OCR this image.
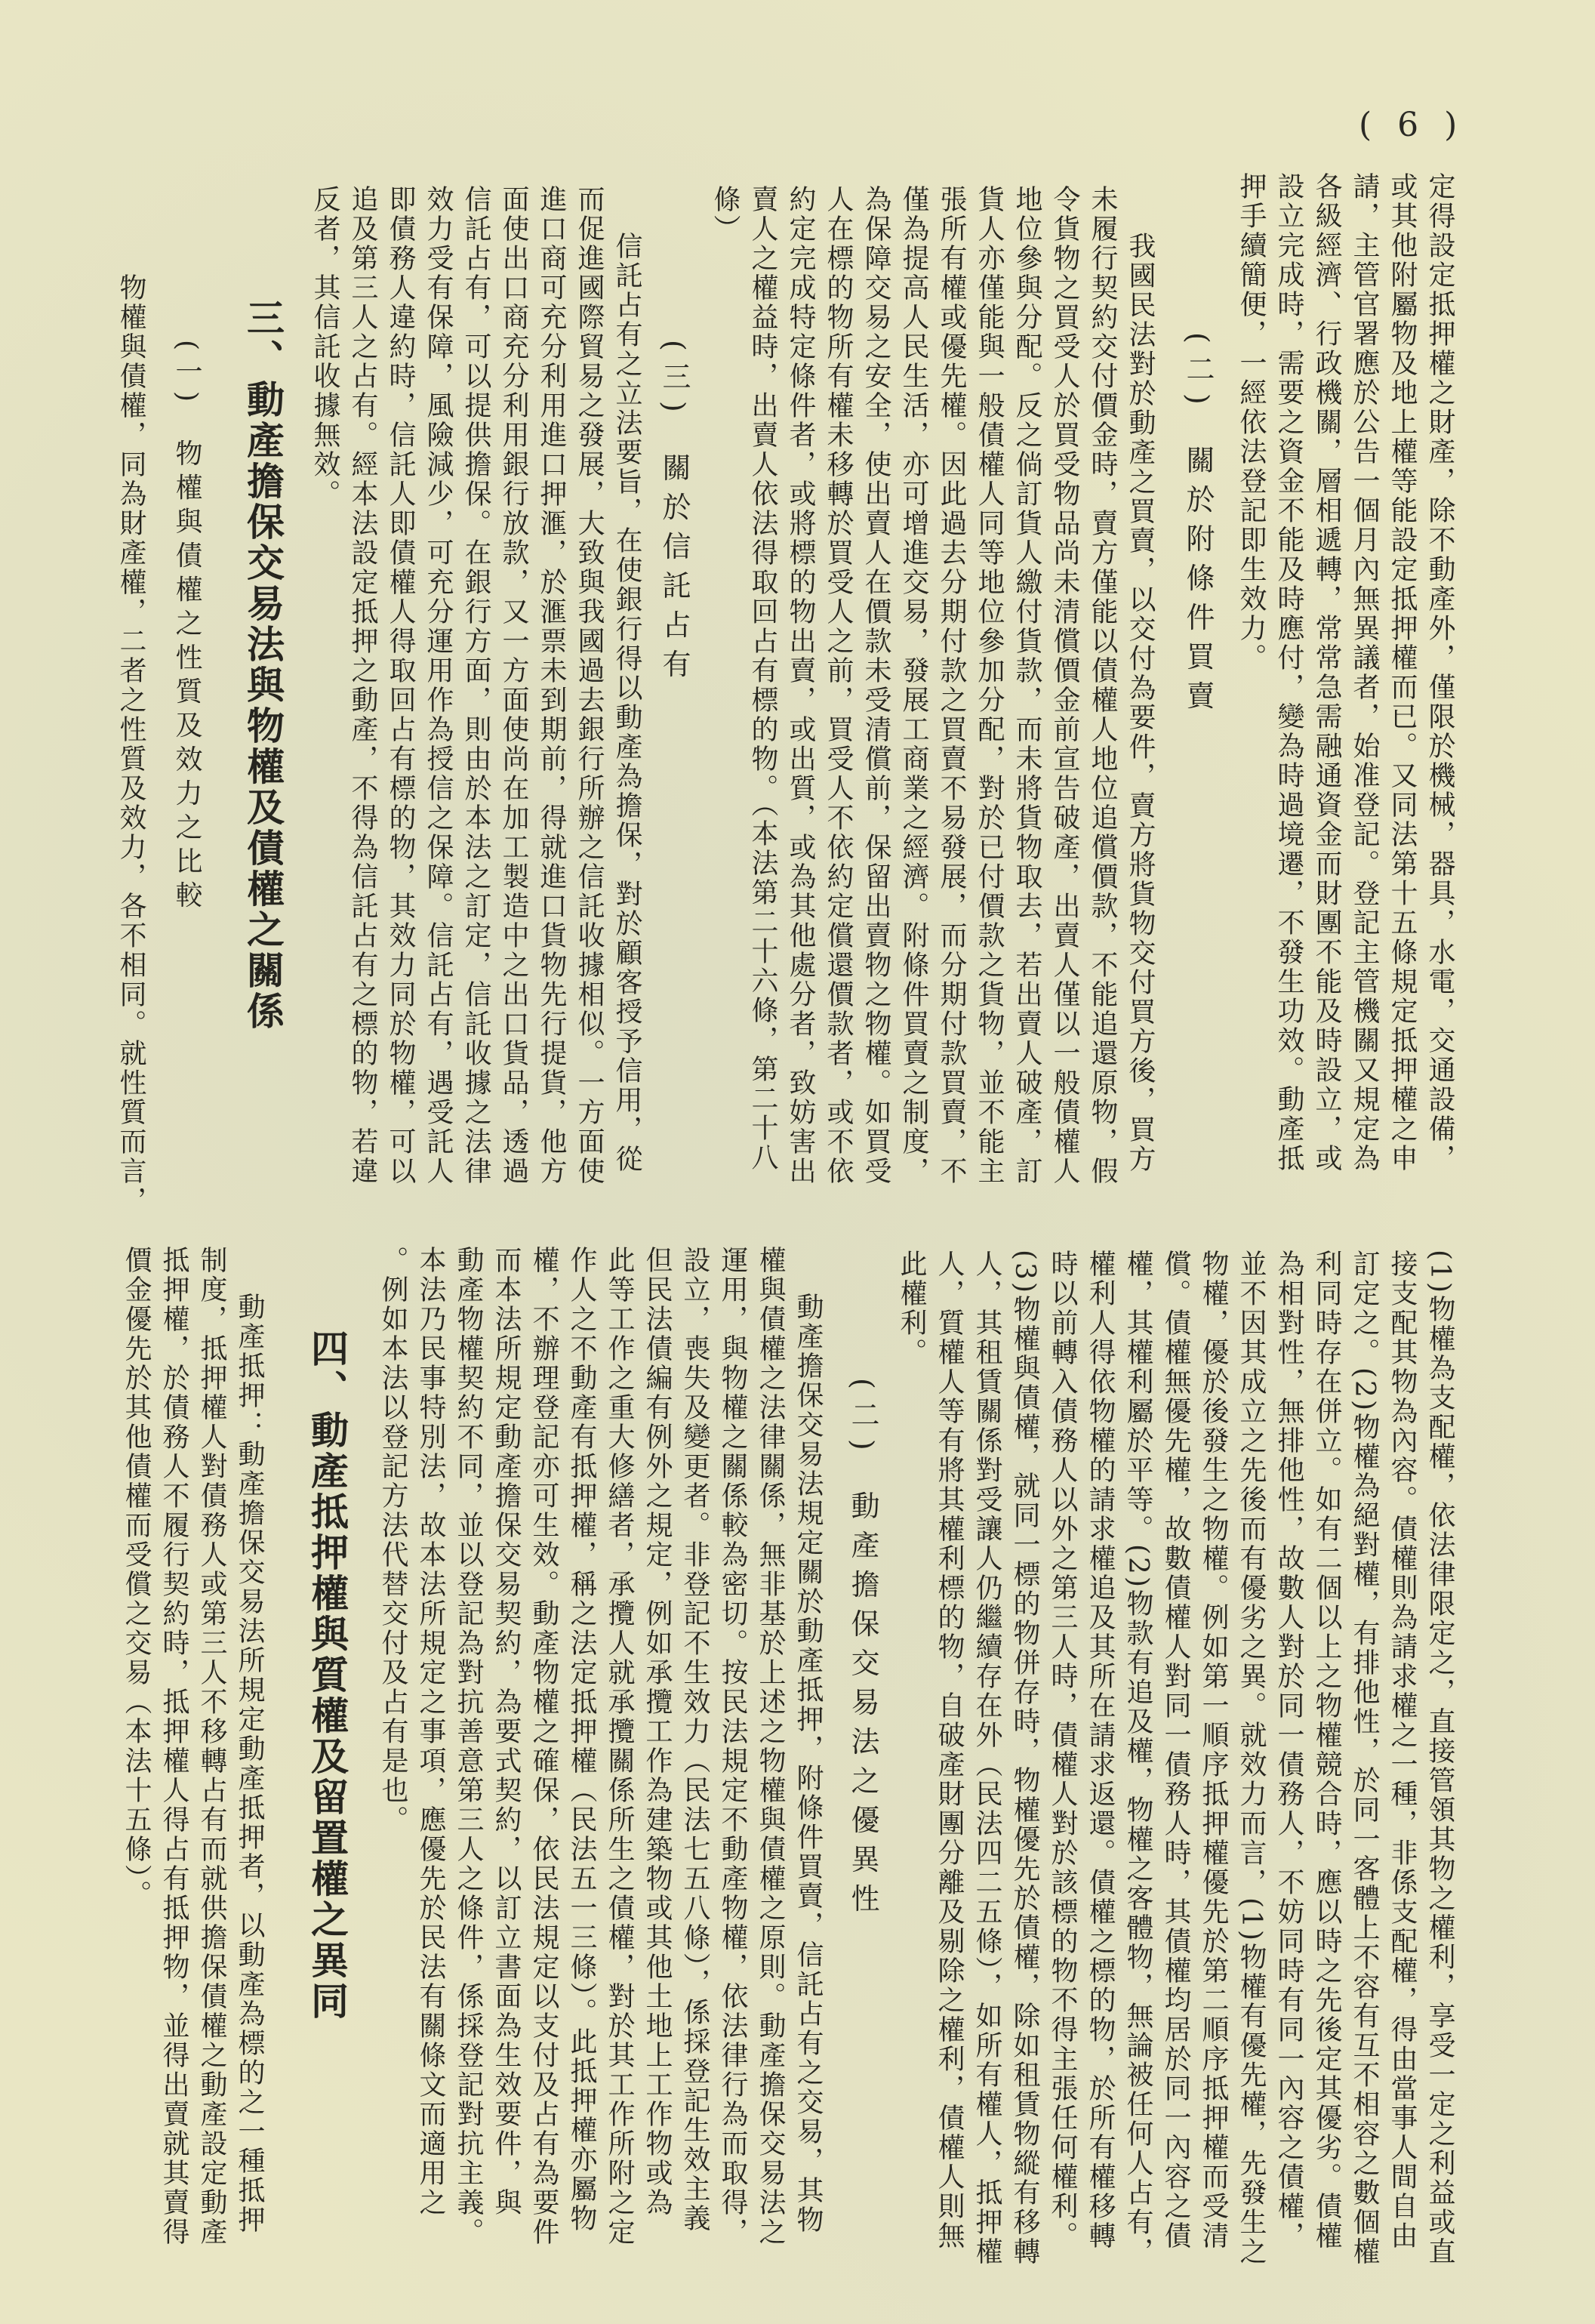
( 6 )
定得設定抵押權之財產，除不動產外，僅限於機械，器具，水電，交通設備，
或其他附屬物及地上權等能設定抵押權而已。又同法第十五條規定抵押權之申
請，主管官署應於公告一個月內無異議者，始准登記。登記主管機關又規定為
各級經濟、行政機關，層相遞轉，常常急需融通資金而財團不能及時設立，或
設立完成時，需要之資金不能及時應付，變為時過境遷，不發生功效。動產抵
押手續簡便，一經依法登記即生效力。
(二)關於附條件買賣
我國民法對於動產之買賣，以交付為要件，賣方將貨物交付買方後，買方
未履行契約交付價金時，賣方僅能以債權人地位追償價款，不能追還原物，假
令貨物之買受人於買受物品尚未清償價金前宣告破產，出賣人僅以一般債權人
地位參與分配。反之倘訂貨人繳付貨款，而未將貨物取去，若出賣人破產，訂
貨人亦僅能與一般債權人同等地位參加分配，對於已付價款之貨物，並不能主
張所有權或優先權。因此過去分期付款之買賣不易發展，而分期付款買賣，不
僅為提高人民生活，亦可增進交易，發展工商業之經濟。附條件買賣之制度，
為保障交易之安全，使出賣人在價款未受清償前，保留出賣物之物權。如買受
人在標的物所有權未移轉於買受人之前，買受人不依約定償還價款者，或不依
約定完成特定條件者，或將標的物出賣，或出質，或為其他處分者，致妨害出
賣人之權益時，出賣人依法得取回占有標的物。（本法第二十六條，第二十八
條）
(三)關於信託占有
信託占有之立法要旨，在使銀行得以動產為擔保，對於顧客授予信用，從
而促進國際貿易之發展，大致與我國過去銀行所辦之信託收據相似。一方面使
進口商可充分利用進口押滙，於滙票未到期前，得就進口貨物先行提貨，他方
面使出口商充分利用銀行放款，又一方面使尚在加工製造中之出口貨品，透過
信託占有，可以提供擔保。在銀行方面，則由於本法之訂定，信託收據之法律
效力受有保障，風險減少，可充分運用作為授信之保障。信託占有，遇受託人
即債務人違約時，信託人即債權人得取回占有標的物，其效力同於物權，可以
追及第三人之占有。經本法設定抵押之動產，不得為信託占有之標的物，若違
反者，其信託收據無效。
三、動產擔保交易法與物權及債權之關係
(一)物權與債權之性質及效力之比較
物權與債權，同為財產權，二者之性質及效力，各不相同。就性質而言，
(1)物權為支配權，依法律限定之，直接管領其物之權利，享受一定之利益或直
接支配其物為內容。債權則為請求權之一種，非係支配權，得由當事人間自由
訂定之。(2)物權為絕對權，有排他性，於同一客體上不容有互不相容之數個權
利同時存在併立。如有二個以上之物權競合時，應以時之先後定其優劣。債權
為相對性，無排他性，故數人對於同一債務人，不妨同時有同一內容之債權，
並不因其成立之先後而有優劣之異。就效力而言，(1)物權有優先權，先發生之
物權，優於後發生之物權。例如第一順序抵押權優先於第二順序抵押權而受清
償。債權無優先權，故數債權人對同一債務人時，其債權均居於同一內容之債
權，其權利屬於平等。(2)物款有追及權，物權之客體物，無論被任何人占有，
權利人得依物權的請求權追及其所在請求返還。債權之標的物，於所有權移轉
時以前轉入債務人以外之第三人時，債權人對於該標的物不得主張任何權利。
(3)物權與債權，就同一標的物併存時，物權優先於債權，除如租賃物縱有移轉
人，其租賃關係對受讓人仍繼續存在外（民法四二五條），如所有權人，抵押權
人，質權人等有將其權利標的物，自破產財團分離及剔除之權利，債權人則無
此權利。
(二)動產擔保交易法之優異性
動產擔保交易法規定關於動產抵押，附條件買賣，信託占有之交易，其物
權與債權之法律關係，無非基於上述之物權與債權之原則。動產擔保交易法之
運用，與物權之關係較為密切。按民法規定不動產物權，依法律行為而取得，
設立，喪失及變更者。非登記不生效力（民法七五八條），係採登記生效主義
但民法債編有例外之規定，例如承攬工作為建築物或其他土地上工作物或為
此等工作之重大修繕者，承攬人就承攬關係所生之債權，對於其工作所附之定
作人之不動產有抵押權，稱之法定抵押權（民法五一三條）。此抵押權亦屬物
權，不辦理登記亦可生效。動產物權之確保，依民法規定以支付及占有為要件
而本法所規定動產擔保交易契約，為要式契約，以訂立書面為生效要件，與
動產物權契約不同，並以登記為對抗善意第三人之條件，係採登記對抗主義。
本法乃民事特別法，故本法所規定之事項，應優先於民法有關條文而適用之
。例如本法以登記方法代替交付及占有是也。
四、動產抵押權與質權及留置權之異同
動產抵押：動產擔保交易法所規定動產抵押者，以動產為標的之一種抵押
制度，抵押權人對債務人或第三人不移轉占有而就供擔保債權之動產設定動產
抵押權，於債務人不履行契約時，抵押權人得占有抵押物，並得出賣就其賣得
價金優先於其他債權而受償之交易（本法十五條）。
